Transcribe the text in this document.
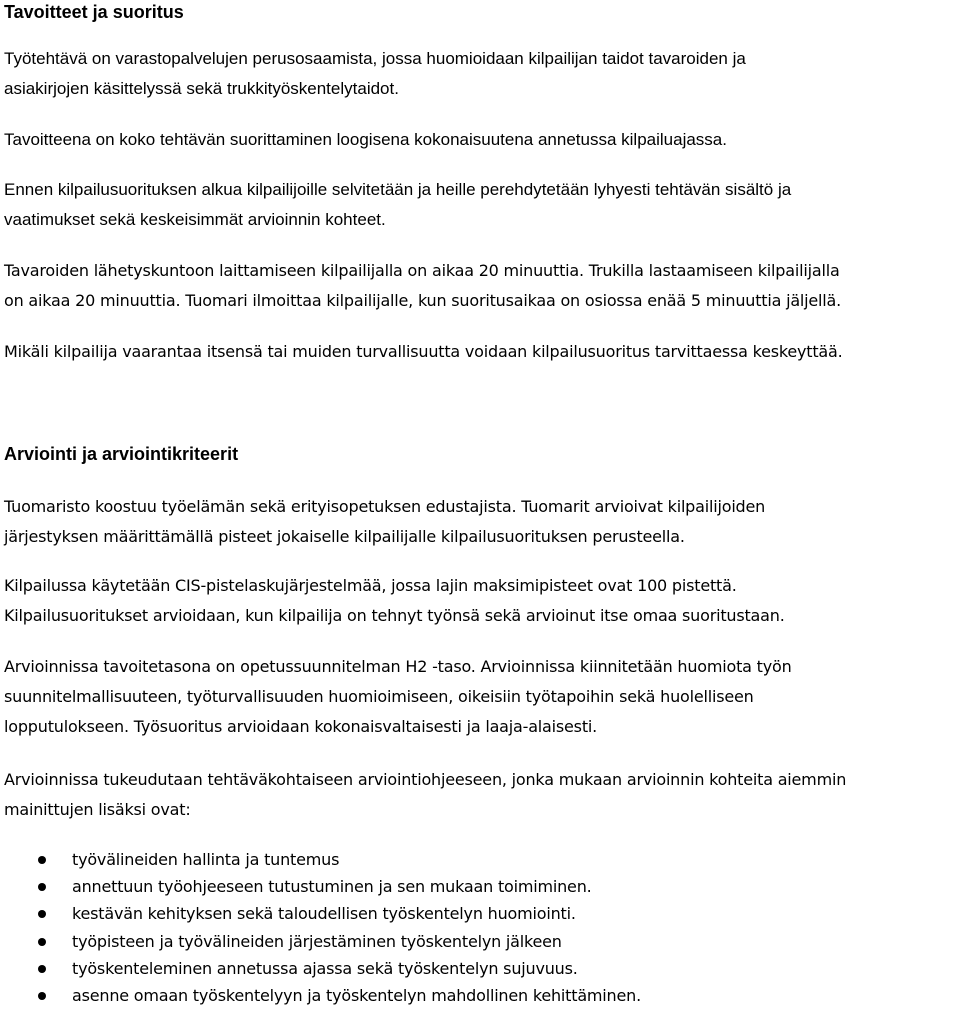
Tavoitteet ja suoritus

Työtehtävä on varastopalvelujen perusosaamista, jossa huomioidaan kilpailijan taidot tavaroiden ja
asiakirjojen käsittelyssä sekä trukkityöskentelytaidot.

Tavoitteena on koko tehtävän suorittaminen loogisena kokonaisuutena annetussa kilpailuajassa.

Ennen kilpailusuorituksen alkua kilpailijoille selvitetään ja heille perehdytetään lyhyesti tehtävän sisältö ja
vaatimukset sekä keskeisimmät arvioinnin kohteet.

Tavaroiden lähetyskuntoon laittamiseen kilpailijalla on aikaa 20 minuuttia. Trukilla lastaamiseen kilpailijalla
on aikaa 20 minuuttia. Tuomari ilmoittaa kilpailijalle, kun suoritusaikaa on osiossa enää 5 minuuttia jäljellä.

Mikäli kilpailija vaarantaa itsensä tai muiden turvallisuutta voidaan kilpailusuoritus tarvittaessa keskeyttää.

Arviointi ja arviointikriteerit

Tuomaristo koostuu työelämän sekä erityisopetuksen edustajista. Tuomarit arvioivat kilpailijoiden
järjestyksen määrittämällä pisteet jokaiselle kilpailijalle kilpailusuorituksen perusteella.

Kilpailussa käytetään CIS-pistelaskujärjestelmää, jossa lajin maksimipisteet ovat 100 pistettä.
Kilpailusuoritukset arvioidaan, kun kilpailija on tehnyt työnsä sekä arvioinut itse omaa suoritustaan.

Arvioinnissa tavoitetasona on opetussuunnitelman H2 -taso. Arvioinnissa kiinnitetään huomiota työn
suunnitelmallisuuteen, työturvallisuuden huomioimiseen, oikeisiin työtapoihin sekä huolelliseen
lopputulokseen. Työsuoritus arvioidaan kokonaisvaltaisesti ja laaja-alaisesti.

Arvioinnissa tukeudutaan tehtäväkohtaiseen arviointiohjeeseen, jonka mukaan arvioinnin kohteita aiemmin
mainittujen lisäksi ovat:

työvälineiden hallinta ja tuntemus
annettuun työohjeeseen tutustuminen ja sen mukaan toimiminen.
kestävän kehityksen sekä taloudellisen työskentelyn huomiointi.
työpisteen ja työvälineiden järjestäminen työskentelyn jälkeen
työskenteleminen annetussa ajassa sekä työskentelyn sujuvuus.
asenne omaan työskentelyyn ja työskentelyn mahdollinen kehittäminen.
